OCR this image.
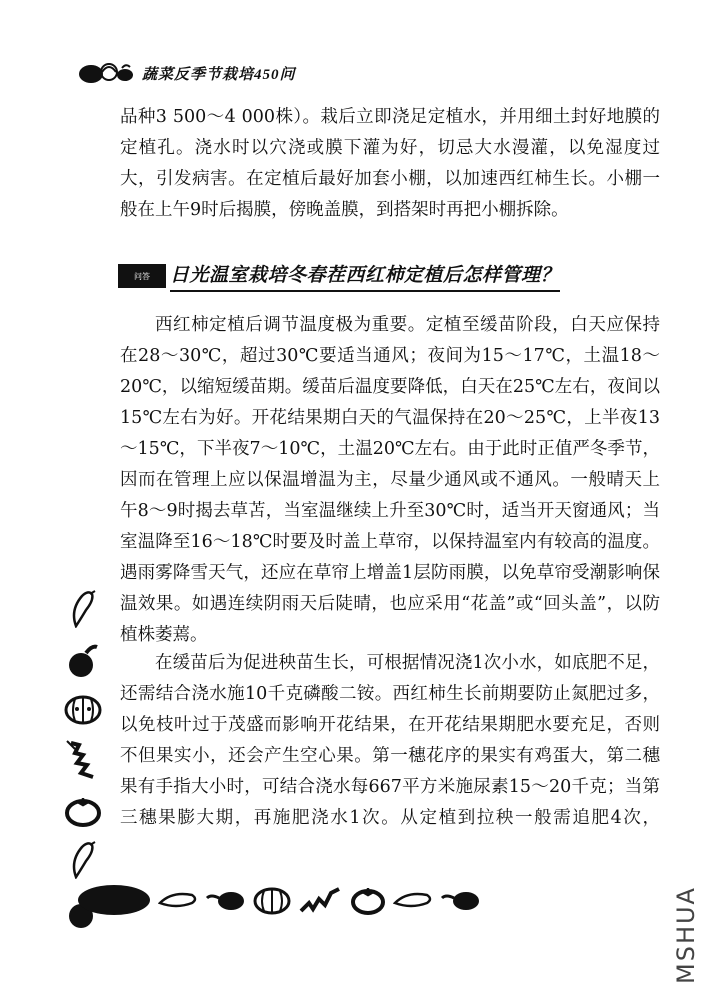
蔬菜反季节栽培450问

品种3 500～4 000株）。栽后立即浇足定植水，并用细土封好地膜的定植孔。浇水时以穴浇或膜下灌为好，切忌大水漫灌，以免湿度过大，引发病害。在定植后最好加套小棚，以加速西红柿生长。小棚一般在上午9时后揭膜，傍晚盖膜，到搭架时再把小棚拆除。

问答	日光温室栽培冬春茬西红柿定植后怎样管理？

西红柿定植后调节温度极为重要。定植至缓苗阶段，白天应保持在28～30℃，超过30℃要适当通风；夜间为15～17℃，土温18～20℃，以缩短缓苗期。缓苗后温度要降低，白天在25℃左右，夜间以15℃左右为好。开花结果期白天的气温保持在20～25℃，上半夜13～15℃，下半夜7～10℃，土温20℃左右。由于此时正值严冬季节，因而在管理上应以保温增温为主，尽量少通风或不通风。一般晴天上午8～9时揭去草苫，当室温继续上升至30℃时，适当开天窗通风；当室温降至16～18℃时要及时盖上草帘，以保持温室内有较高的温度。遇雨雾降雪天气，还应在草帘上增盖1层防雨膜，以免草帘受潮影响保温效果。如遇连续阴雨天后陡晴，也应采用“花盖”或“回头盖”，以防植株萎蔫。

在缓苗后为促进秧苗生长，可根据情况浇1次小水，如底肥不足，还需结合浇水施10千克磷酸二铵。西红柿生长前期要防止氮肥过多，以免枝叶过于茂盛而影响开花结果，在开花结果期肥水要充足，否则不但果实小，还会产生空心果。第一穗花序的果实有鸡蛋大，第二穗果有手指大小时，可结合浇水每667平方米施尿素15～20千克；当第三穗果膨大期，再施肥浇水1次。从定植到拉秧一般需追肥4次，

MSHUA
